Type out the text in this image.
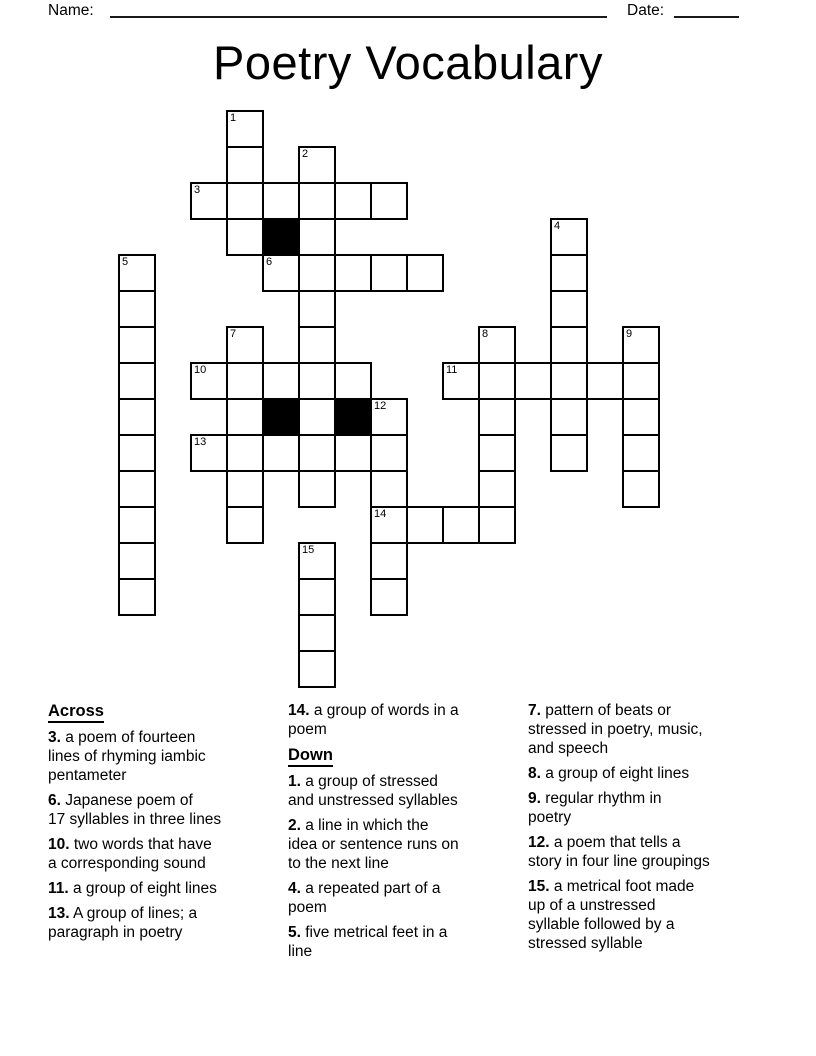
Name:	Date:
Poetry Vocabulary
1
2
3
4
5	6
7	8	9
10	11
12
13
14
15
Across

3. a poem of fourteen
lines of rhyming iambic
pentameter

6. Japanese poem of
17 syllables in three lines

10. two words that have
a corresponding sound

11. a group of eight lines

13. A group of lines; a
paragraph in poetry

14. a group of words in a
poem

Down

1. a group of stressed
and unstressed syllables

2. a line in which the
idea or sentence runs on
to the next line

4. a repeated part of a
poem

5. five metrical feet in a
line

7. pattern of beats or
stressed in poetry, music,
and speech

8. a group of eight lines

9. regular rhythm in
poetry

12. a poem that tells a
story in four line groupings

15. a metrical foot made
up of a unstressed
syllable followed by a
stressed syllable
